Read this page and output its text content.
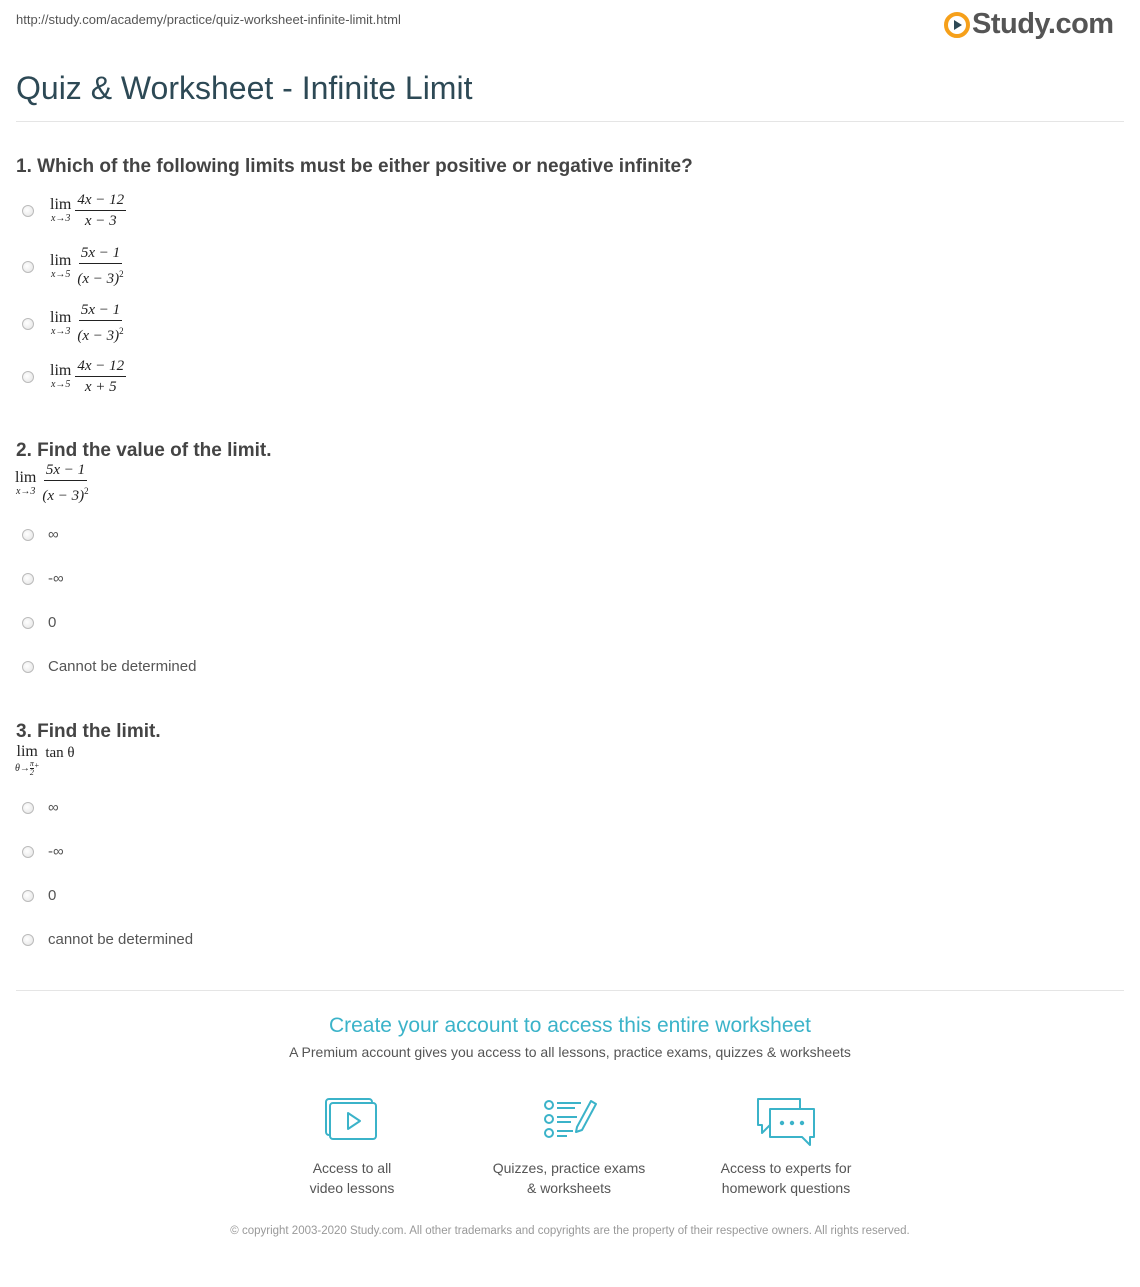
http://study.com/academy/practice/quiz-worksheet-infinite-limit.html	Study.com
Quiz & Worksheet - Infinite Limit
1. Which of the following limits must be either positive or negative infinite?
lim
$x\to 3 \frac{4x - 12}{x - 3}$
lim
$x\to 5 \frac{5x - 1}{(x - 3)^2}$
lim
$x\to 3 \frac{5x - 1}{(x - 3)^2}$
lim
$x\to 5 \frac{4x - 12}{x + 5}$
2. Find the value of the limit.
lim
$x\to 3 \frac{5x - 1}{(x - 3)^2}$
∞
-∞
0
Cannot be determined
3. Find the limit.
lim
θ→ π
2
+
tan θ
∞
-∞
0
cannot be determined
Create your account to access this entire worksheet
A Premium account gives you access to all lessons, practice exams, quizzes & worksheets
Access to all
video lessons
Quizzes, practice exams
& worksheets
Access to experts for
homework questions
© copyright 2003-2020 Study.com. All other trademarks and copyrights are the property of their respective owners. All rights reserved.
